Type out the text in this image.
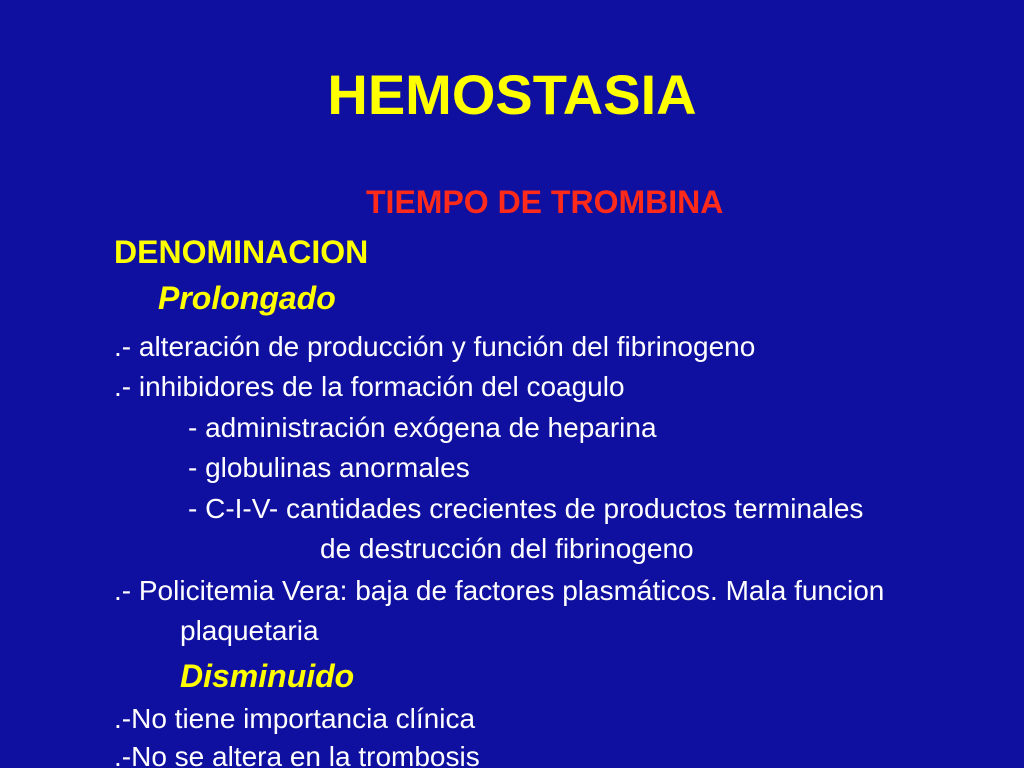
HEMOSTASIA
TIEMPO DE TROMBINA
DENOMINACION
Prolongado
.- alteración de producción y función del fibrinogeno
.- inhibidores de la formación del coagulo
- administración exógena de heparina
- globulinas anormales
- C-I-V- cantidades crecientes de productos terminales
de destrucción del fibrinogeno
.- Policitemia Vera: baja de factores plasmáticos. Mala funcion
plaquetaria
Disminuido
.-No tiene importancia clínica
.-No se altera en la trombosis
